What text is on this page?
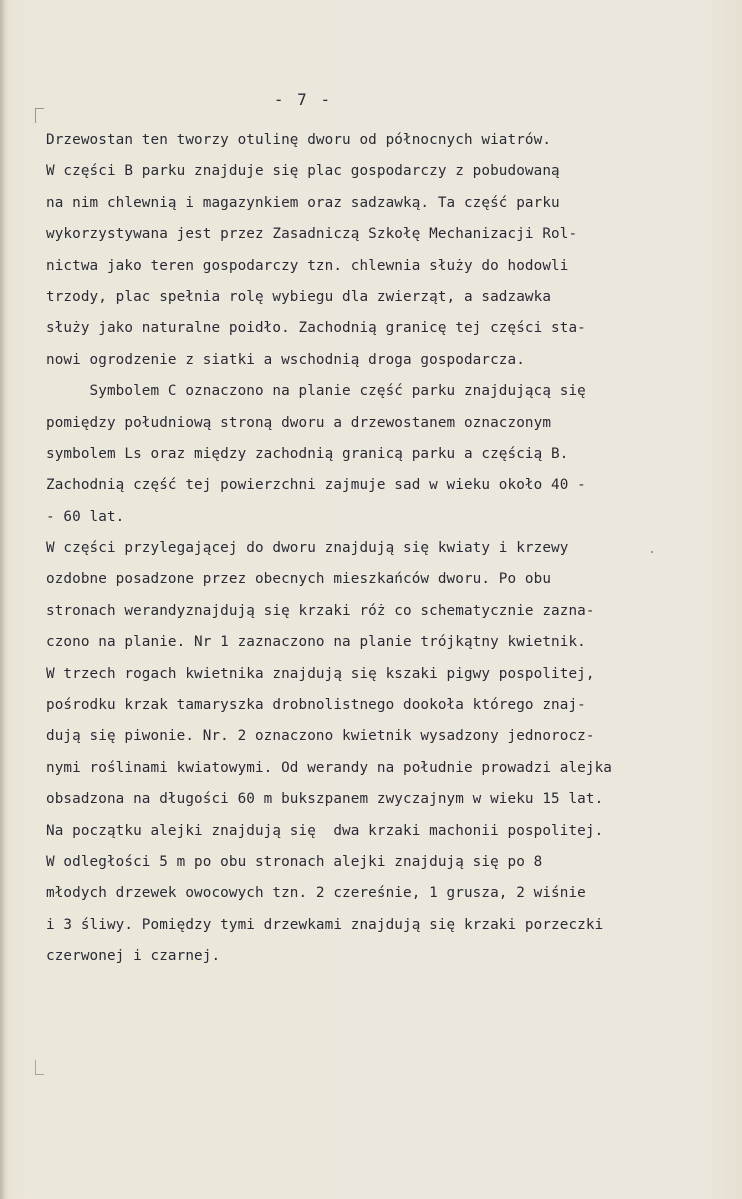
- 7 -
Drzewostan ten tworzy otulinę dworu od północnych wiatrów.
W części B parku znajduje się plac gospodarczy z pobudowaną
na nim chlewnią i magazynkiem oraz sadzawką. Ta część parku
wykorzystywana jest przez Zasadniczą Szkołę Mechanizacji Rol-
nictwa jako teren gospodarczy tzn. chlewnia służy do hodowli
trzody, plac spełnia rolę wybiegu dla zwierząt, a sadzawka
służy jako naturalne poidło. Zachodnią granicę tej części sta-
nowi ogrodzenie z siatki a wschodnią droga gospodarcza.
Symbolem C oznaczono na planie część parku znajdującą się
pomiędzy południową stroną dworu a drzewostanem oznaczonym
symbolem Ls oraz między zachodnią granicą parku a częścią B.
Zachodnią część tej powierzchni zajmuje sad w wieku około 40 -
- 60 lat.
W części przylegającej do dworu znajdują się kwiaty i krzewy
ozdobne posadzone przez obecnych mieszkańców dworu. Po obu
stronach werandyznajdują się krzaki róż co schematycznie zazna-
czono na planie. Nr 1 zaznaczono na planie trójkątny kwietnik.
W trzech rogach kwietnika znajdują się kszaki pigwy pospolitej,
pośrodku krzak tamaryszka drobnolistnego dookoła którego znaj-
dują się piwonie. Nr. 2 oznaczono kwietnik wysadzony jednorocz-
nymi roślinami kwiatowymi. Od werandy na południe prowadzi alejka
obsadzona na długości 60 m bukszpanem zwyczajnym w wieku 15 lat.
Na początku alejki znajdują się  dwa krzaki machonii pospolitej.
W odległości 5 m po obu stronach alejki znajdują się po 8
młodych drzewek owocowych tzn. 2 czereśnie, 1 grusza, 2 wiśnie
i 3 śliwy. Pomiędzy tymi drzewkami znajdują się krzaki porzeczki
czerwonej i czarnej.
